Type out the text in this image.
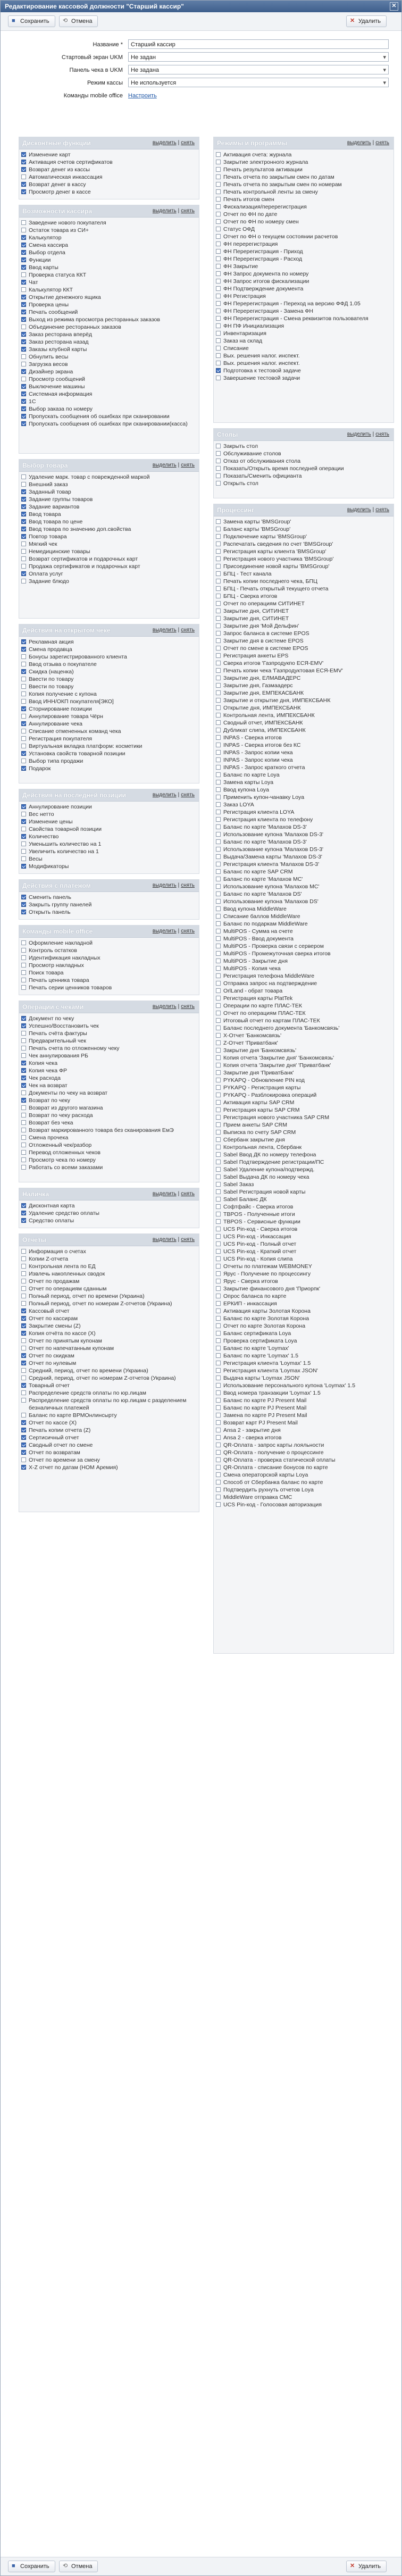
Редактирование кассовой должности "Старший кассир"	✕
■ Сохранить	⟲ Отмена	✕ Удалить
Название *	Старший кассир
Стартовый экран UKM	Не задан ▾
Панель чека в UKM	Не задана ▾
Режим кассы	Не используется ▾
Команды mobile office Настроить
Дисконтные функции	выделить | снять
Изменение карт
Активация счетов сертификатов
Возврат денег из кассы
Автоматическая инкассация
Возврат денег в кассу
Просмотр денег в кассе
Возможности кассира	выделить | снять
Заведение нового покупателя
Остаток товара из СИ+
Калькулятор
Смена кассира
Выбор отдела
Функции
Ввод карты
Проверка статуса ККТ
Чат
Калькулятор ККТ
Открытие денежного ящика
Проверка цены
Печать сообщений
Выход из режима просмотра ресторанных заказов
Объединение ресторанных заказов
Заказ ресторана вперёд
Заказ ресторана назад
Заказы клубной карты
Обнулить весы
Загрузка весов
Дизайнер экрана
Просмотр сообщений
Выключение машины
Системная информация
1С
Выбор заказа по номеру
Пропускать сообщения об ошибках при сканировании
Пропускать сообщения об ошибках при сканировании(касса)
Выбор товара	выделить | снять
Удаление марк. товар с поврежденной маркой
Внешний заказ
Заданный товар
Задание группы товаров
Задание вариантов
Ввод товара
Ввод товара по цене
Ввод товара по значению доп.свойства
Повтор товара
Мягкий чек
Немедицинские товары
Возврат сертификатов и подарочных карт
Продажа сертификатов и подарочных карт
Оплата услуг
Задание блюдо
Действия на открытом чеке	выделить | снять
Рекламная акция
Смена продавца
Бонусы зарегистрированного клиента
Ввод отзыва о покупателе
Скидка (наценка)
Ввести по товару
Ввести по товару
Копия получение с купона
Ввод ИНН/ОКП покупателя[ЭКО]
Сторнирование позиции
Аннулирование товара Чёрн
Аннулирование чека
Списание отмененных команд чека
Регистрация покупателя
Виртуальная вкладка платформ: косметики
Установка свойств товарной позиции
Выбор типа продажи
Подарок
Действия на последней позиции	выделить | снять
Аннулирование позиции
Вес нетто
Изменение цены
Свойства товарной позиции
Количество
Уменьшить количество на 1
Увеличить количество на 1
Весы
Модификаторы
Действия с платежом	выделить | снять
Сменить панель
Закрыть группу панелей
Открыть панель
Команды mobile office	выделить | снять
Оформление накладной
Контроль остатков
Идентификация накладных
Просмотр накладных
Поиск товара
Печать ценника товара
Печать серии ценников товаров
Операции с чеками	выделить | снять
Документ по чеку
Успешно/Восстановить чек
Печать счёта фактуры
Предварительный чек
Печать счета по отложенному чеку
Чек аннулирования РБ
Копия чека
Копия чека ФР
Чек расхода
Чек на возврат
Документы по чеку на возврат
Возврат по чеку
Возврат из другого магазина
Возврат по чеку расхода
Возврат без чека
Возврат маркированного товара без сканирования ЕмЭ
Смена прочека
Отложенный чек/разбор
Перевод отложенных чеков
Просмотр чека по номеру
Работать со всеми заказами
Наличка	выделить | снять
Дисконтная карта
Удаление средство оплаты
Средство оплаты
Отчёты	выделить | снять
Информация о счетах
Копии Z-отчета
Контрольная лента по ЕД
Извлечь накопленных сводок
Отчет по продажам
Отчет по операциям сданным
Полный период, отчет по времени (Украина)
Полный период, отчет по номерам Z-отчетов (Украина)
Кассовый отчет
Отчет по кассирам
Закрытие смены (Z)
Копия отчёта по кассе (X)
Отчет по принятым купонам
Отчет по напечатанным купонам
Отчет по скидкам
Отчет по нулевым
Средний, период, отчет по времени (Украина)
Средний, период, отчет по номерам Z-отчетов (Украина)
Товарный отчет
Распределение средств оплаты по юр.лицам
Распределение средств оплаты по юр.лицам с разделением безналичных платежей
Баланс по карте ВРМОнлинсырту
Отчет по кассе (X)
Печать копии отчета (Z)
Сертисичный отчет
Сводный отчет по смене
Отчет по возвратам
Отчет по времени за смену
X-Z отчет по датам (НОМ Аремия)
Режимы и программы	выделить | снять
Активация счета: журнала
Закрытие электронного журнала
Печать результатов активации
Печать отчета по закрытым смен по датам
Печать отчета по закрытым смен по номерам
Печать контрольной ленты за смену
Печать итогов смен
Фискализация/перерегистрация
Отчет по ФН по дате
Отчет по ФН по номеру смен
Статус ОФД
Отчет по ФН о текущем состоянии расчетов
ФН перерегистрация
ФН Перерегистрация - Приход
ФН Перерегистрация - Расход
ФН Закрытие
ФН Запрос документа по номеру
ФН Запрос итогов фискализации
ФН Подтверждение документа
ФН Регистрация
ФН Перерегистрация - Переход на версию ФФД 1.05
ФН Перерегистрация - Замена ФН
ФН Перерегистрация - Смена реквизитов пользователя
ФН ПФ Инициализация
Инвентаризация
Заказ на склад
Списание
Вых. решения налог. инспект.
Вых. решения налог. инспект.
Подготовка к тестовой задаче
Завершение тестовой задачи
Столы	выделить | снять
Закрыть стол
Обслуживание столов
Отказ от обслуживания стола
Показать/Открыть время последней операции
Показать/Сменить официанта
Открыть стол
Процессинг	выделить | снять
Замена карты 'BMSGroup'
Баланс карты 'BMSGroup'
Подключение карты 'BMSGroup'
Распечатать сведения по счет 'BMSGroup'
Регистрация карты клиента 'BMSGroup'
Регистрация нового участника 'BMSGroup'
Присоединение новой карты 'BMSGroup'
БПЦ - Тест канала
Печать копии последнего чека, БПЦ
БПЦ - Печать открытый текущего отчета
БПЦ - Сверка итогов
Отчет по операциям СИТИНЕТ
Закрытие дня, СИТИНЕТ
Закрытие дня, СИТИНЕТ
Закрытие дня 'Мой Дельфин'
Запрос баланса в системе EPOS
Закрытие дня в системе EPOS
Отчет по смене в системе EPOS
Регистрация анкеты EPS
Сверка итогов 'Газпродукпо ЕСЯ-EMV'
Печать копии чека 'Газпродуктовая ЕСЯ-EMV'
Закрытие дня, ЕЛМАВАДЕРС
Закрытие дня, Газмаадерс
Закрытие дня, ЕМПЕКАСБАНК
Закрытие и открытие дня, ИМПЕКСБАНК
Открытие дня, ИМПЕКСБАНК
Контрольная лента, ИМПЕКСБАНК
Сводный отчет, ИМПЕКСБАНК
Дубликат слипа, ИМПЕКСБАНК
INPAS - Сверка итогов
INPAS - Сверка итогов без КС
INPAS - Запрос копии чека
INPAS - Запрос копии чека
INPAS - Запрос краткого отчета
Баланс по карте Loya
Замена карты Loya
Ввод купона Loya
Применить купон-чанавку Loya
Заказ LOYA
Регистрация клиента LOYA
Регистрация клиента по телефону
Баланс по карте 'Малахов DS-3'
Использование купона 'Малахов DS-3'
Баланс по карте 'Малахов DS-3'
Использование купона 'Малахов DS-3'
Выдача/Замена карты 'Малахов DS-3'
Регистрация клиента 'Малахов DS-3'
Баланс по карте SAP CRM
Баланс по карте 'Малахов МС'
Использование купона 'Малахов МС'
Баланс по карте 'Малахов DS'
Использование купона 'Малахов DS'
Ввод купона MiddleWare
Списание баллов MiddleWare
Баланс по подаркам MiddleWare
MultiPOS - Сумма на счете
MultiPOS - Ввод документа
MultiPOS - Проверка связи с сервером
MultiPOS - Промежуточная сверка итогов
MultiPOS - Закрытие дня
MultiPOS - Копия чека
Регистрация телефона MiddleWare
Отправка запрос на подтверждение
OrlLand - обрат товара
Регистрация карты PlatTek
Операции по карте ПЛАС-ТЕК
Отчет по операциям ПЛАС-ТЕК
Итоговый отчет по картам ПЛАС-ТЕК
Баланс последнего документа 'Банкомсвязь'
X-Отчет 'Банкомсвязь'
Z-Отчет 'Приватбанк'
Закрытие дня 'Банкомсвязь'
Копия отчета 'Закрытие дня' 'Банкомсвязь'
Копия отчета 'Закрытие дня' 'Приватбанк'
Закрытие дня 'ПриватБанк'
PYKAPQ - Обновление PIN код
PYKAPQ - Регистрация карты
PYKAPQ - Разблокировка операций
Активация карты SAP CRM
Регистрация карты SAP CRM
Регистрация нового участника SAP CRM
Прием анкеты SAP CRM
Выписка по счету SAP CRM
Сбербанк закрытие дня
Контрольная лента, Сбербанк
Sabel Ввод ДК по номеру телефона
Sabel Подтверждение регистрации/ПС
Sabel Удаление купона/подтвержд.
Sabel Выдача ДК по номеру чека
Sabel Заказ
Sabel Регистрация новой карты
Sabel Баланс ДК
Софтфайс - Сверка итогов
TBPOS - Полученные итоги
TBPOS - Сервисные функции
UCS Pin-код - Сверка итогов
UCS Pin-код - Инкассация
UCS Pin-код - Полный отчет
UCS Pin-код - Краткий отчет
UCS Pin-код - Копия слипа
Отчеты по платежам WEBMONEY
Ярус - Получение по процессингу
Ярус - Сверка итогов
Закрытие финансового дня 'Приорпк'
Опрос баланса по карте
ЕРКИП - инкассация
Активация карты Золотая Корона
Баланс по карте Золотая Корона
Отчет по карте Золотая Корона
Баланс сертификата Loya
Проверка сертификата Loya
Баланс по карте 'Loymax'
Баланс по карте 'Loymax' 1.5
Регистрация клиента 'Loymax' 1.5
Регистрация клиента 'Loymax JSON'
Выдача карты 'Loymax JSON'
Использование персонального купона 'Loymax' 1.5
Ввод номера транзакции 'Loymax' 1.5
Баланс по карте PJ Present Mail
Баланс по карте PJ Present Mail
Замена по карте PJ Present Mail
Возврат карт PJ Present Mail
Ansa 2 - закрытие дня
Ansa 2 - сверка итогов
QR-Оплата - запрос карты лояльности
QR-Оплата - получение о процессинге
QR-Оплата - проверка статической оплаты
QR-Оплата - списание бонусов по карте
Смена операторской карты Loya
Способ от Сбербанка баланс по карте
Подтвердить рухнуть отчетов Loya
MiddleWare отправка СМС
UCS Pin-код - Голосовая авторизация
■ Сохранить	⟲ Отмена	✕ Удалить
